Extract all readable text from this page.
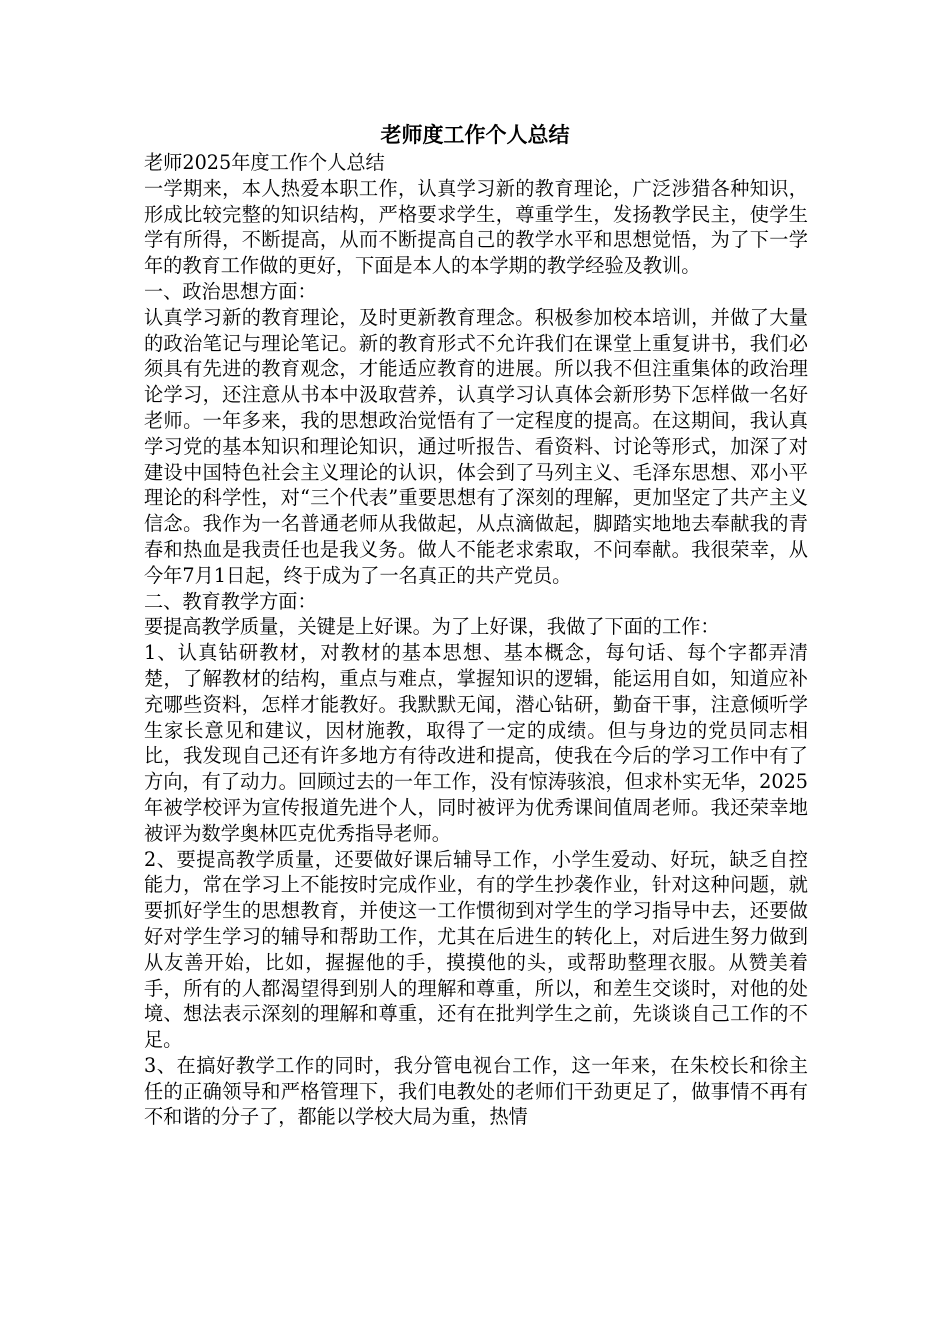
老师度工作个人总结

老师2025年度工作个人总结

一学期来，本人热爱本职工作，认真学习新的教育理论，广泛涉猎各种知识，形成比较完整的知识结构，严格要求学生，尊重学生，发扬教学民主，使学生学有所得，不断提高，从而不断提高自己的教学水平和思想觉悟，为了下一学年的教育工作做的更好，下面是本人的本学期的教学经验及教训。

一、政治思想方面：

认真学习新的教育理论，及时更新教育理念。积极参加校本培训，并做了大量的政治笔记与理论笔记。新的教育形式不允许我们在课堂上重复讲书，我们必须具有先进的教育观念，才能适应教育的进展。所以我不但注重集体的政治理论学习，还注意从书本中汲取营养，认真学习认真体会新形势下怎样做一名好老师。一年多来，我的思想政治觉悟有了一定程度的提高。在这期间，我认真学习党的基本知识和理论知识，通过听报告、看资料、讨论等形式，加深了对建设中国特色社会主义理论的认识，体会到了马列主义、毛泽东思想、邓小平理论的科学性，对“三个代表”重要思想有了深刻的理解，更加坚定了共产主义信念。我作为一名普通老师从我做起，从点滴做起，脚踏实地地去奉献我的青春和热血是我责任也是我义务。做人不能老求索取，不问奉献。我很荣幸，从今年7月1日起，终于成为了一名真正的共产党员。

二、教育教学方面：

要提高教学质量，关键是上好课。为了上好课，我做了下面的工作：

1、认真钻研教材，对教材的基本思想、基本概念，每句话、每个字都弄清楚，了解教材的结构，重点与难点，掌握知识的逻辑，能运用自如，知道应补充哪些资料，怎样才能教好。我默默无闻，潜心钻研，勤奋干事，注意倾听学生家长意见和建议，因材施教，取得了一定的成绩。但与身边的党员同志相比，我发现自己还有许多地方有待改进和提高，使我在今后的学习工作中有了方向，有了动力。回顾过去的一年工作，没有惊涛骇浪，但求朴实无华，2025年被学校评为宣传报道先进个人，同时被评为优秀课间值周老师。我还荣幸地被评为数学奥林匹克优秀指导老师。

2、要提高教学质量，还要做好课后辅导工作，小学生爱动、好玩，缺乏自控能力，常在学习上不能按时完成作业，有的学生抄袭作业，针对这种问题，就要抓好学生的思想教育，并使这一工作惯彻到对学生的学习指导中去，还要做好对学生学习的辅导和帮助工作，尤其在后进生的转化上，对后进生努力做到从友善开始，比如，握握他的手，摸摸他的头，或帮助整理衣服。从赞美着手，所有的人都渴望得到别人的理解和尊重，所以，和差生交谈时，对他的处境、想法表示深刻的理解和尊重，还有在批判学生之前，先谈谈自己工作的不足。

3、在搞好教学工作的同时，我分管电视台工作，这一年来，在朱校长和徐主任的正确领导和严格管理下，我们电教处的老师们干劲更足了，做事情不再有不和谐的分子了，都能以学校大局为重，热情
